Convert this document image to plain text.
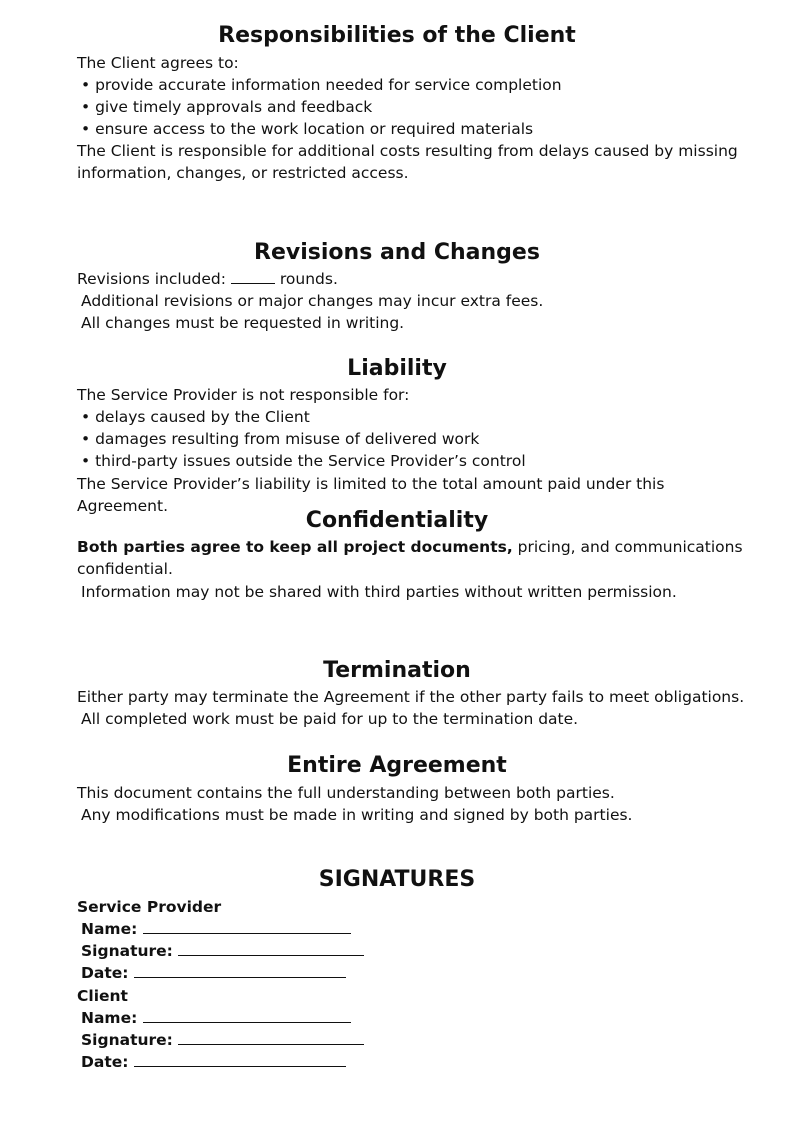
Responsibilities of the Client
The Client agrees to:
• provide accurate information needed for service completion
• give timely approvals and feedback
• ensure access to the work location or required materials
The Client is responsible for additional costs resulting from delays caused by missing
information, changes, or restricted access.
Revisions and Changes
Revisions included:	rounds.
Additional revisions or major changes may incur extra fees.
All changes must be requested in writing.
Liability
The Service Provider is not responsible for:
• delays caused by the Client
• damages resulting from misuse of delivered work
• third-party issues outside the Service Provider’s control
The Service Provider’s liability is limited to the total amount paid under this
Agreement.
Confidentiality
Both parties agree to keep all project documents, pricing, and communications
confidential.
Information may not be shared with third parties without written permission.
Termination
Either party may terminate the Agreement if the other party fails to meet obligations.
All completed work must be paid for up to the termination date.
Entire Agreement
This document contains the full understanding between both parties.
Any modifications must be made in writing and signed by both parties.
SIGNATURES
Service Provider
Name:
Signature:
Date:
Client
Name:
Signature:
Date:
